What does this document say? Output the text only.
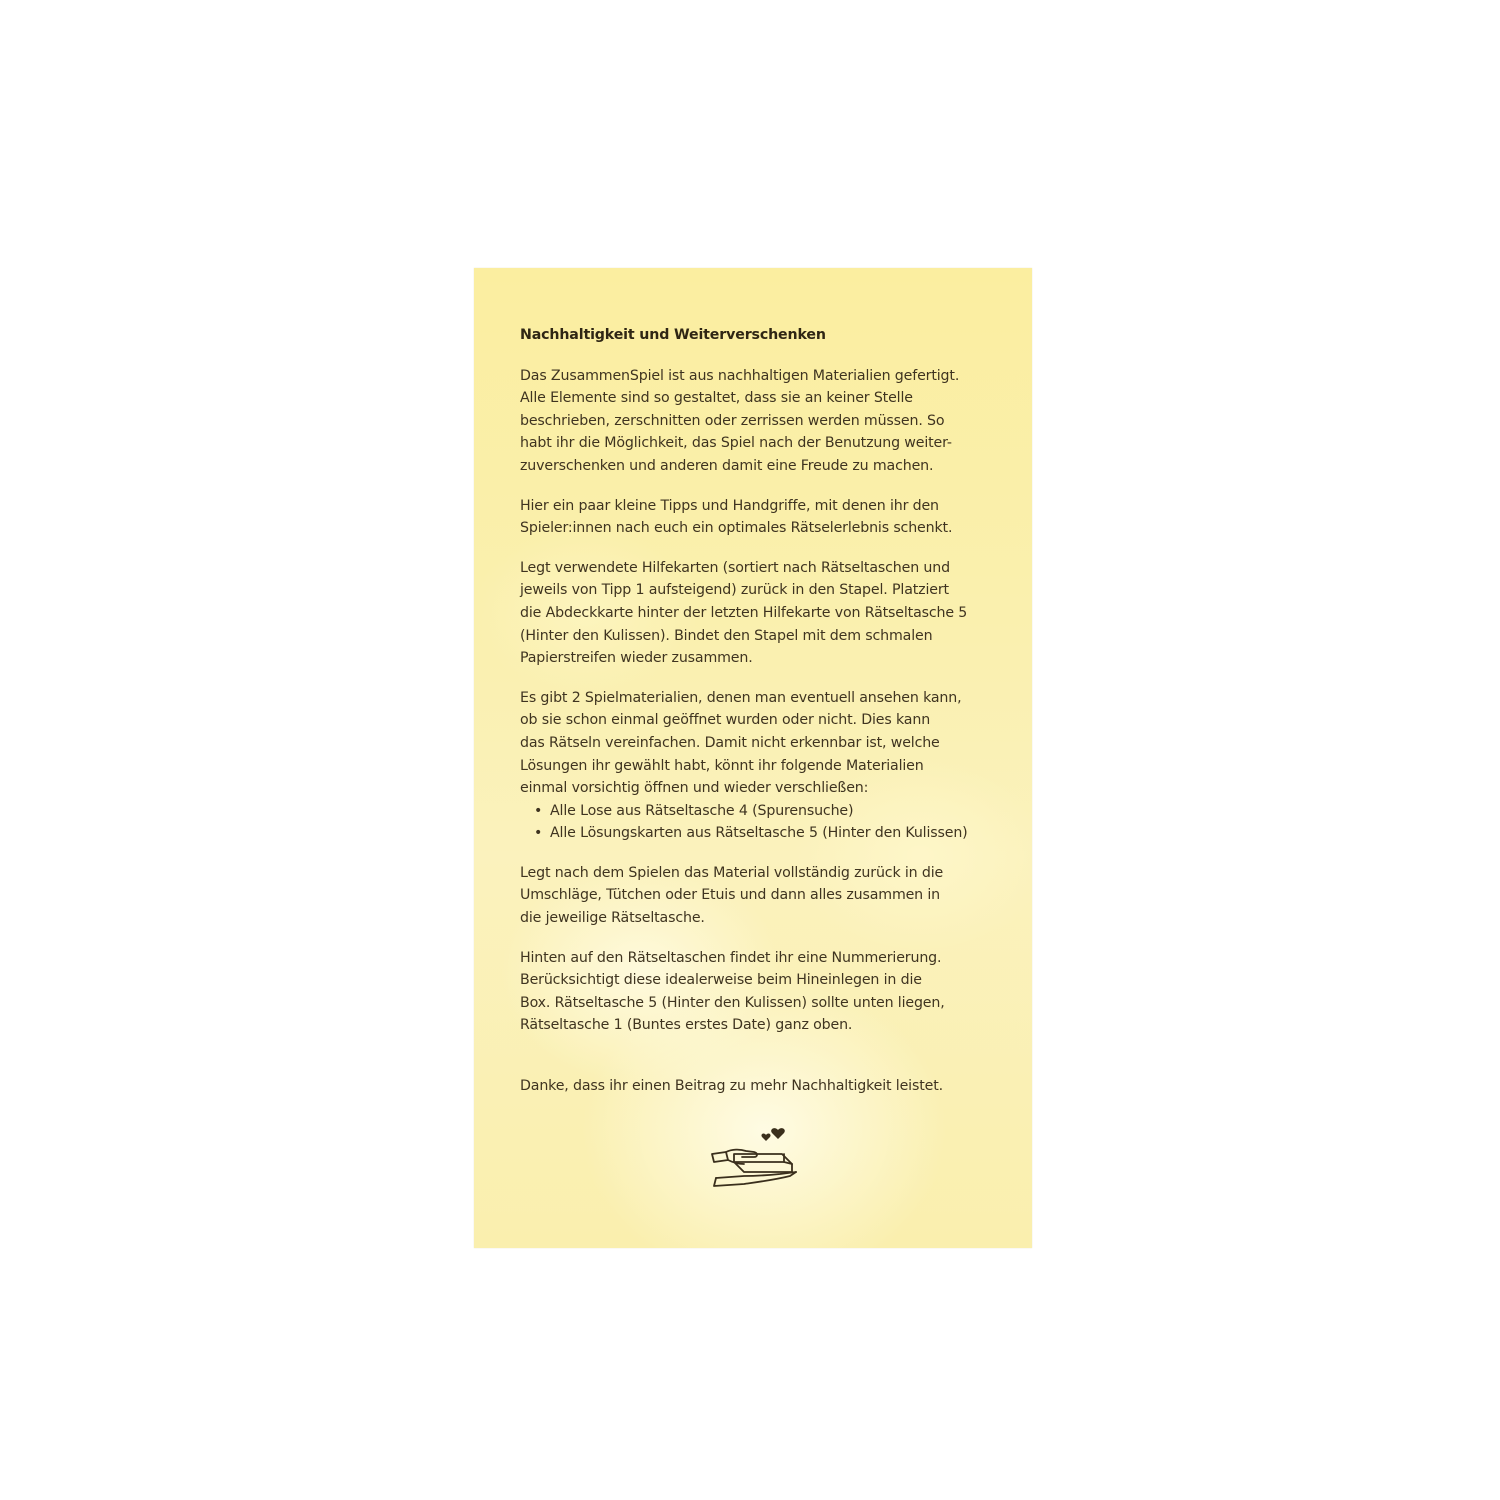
Nachhaltigkeit und Weiterverschenken

Das ZusammenSpiel ist aus nachhaltigen Materialien gefertigt.
Alle Elemente sind so gestaltet, dass sie an keiner Stelle
beschrieben, zerschnitten oder zerrissen werden müssen. So
habt ihr die Möglichkeit, das Spiel nach der Benutzung weiter-
zuverschenken und anderen damit eine Freude zu machen.

Hier ein paar kleine Tipps und Handgriffe, mit denen ihr den
Spieler:innen nach euch ein optimales Rätselerlebnis schenkt.

Legt verwendete Hilfekarten (sortiert nach Rätseltaschen und
jeweils von Tipp 1 aufsteigend) zurück in den Stapel. Platziert
die Abdeckkarte hinter der letzten Hilfekarte von Rätseltasche 5
(Hinter den Kulissen). Bindet den Stapel mit dem schmalen
Papierstreifen wieder zusammen.

Es gibt 2 Spielmaterialien, denen man eventuell ansehen kann,
ob sie schon einmal geöffnet wurden oder nicht. Dies kann
das Rätseln vereinfachen. Damit nicht erkennbar ist, welche
Lösungen ihr gewählt habt, könnt ihr folgende Materialien
einmal vorsichtig öffnen und wieder verschließen:

• Alle Lose aus Rätseltasche 4 (Spurensuche)
• Alle Lösungskarten aus Rätseltasche 5 (Hinter den Kulissen)

Legt nach dem Spielen das Material vollständig zurück in die
Umschläge, Tütchen oder Etuis und dann alles zusammen in
die jeweilige Rätseltasche.

Hinten auf den Rätseltaschen findet ihr eine Nummerierung.
Berücksichtigt diese idealerweise beim Hineinlegen in die
Box. Rätseltasche 5 (Hinter den Kulissen) sollte unten liegen,
Rätseltasche 1 (Buntes erstes Date) ganz oben.

Danke, dass ihr einen Beitrag zu mehr Nachhaltigkeit leistet.
